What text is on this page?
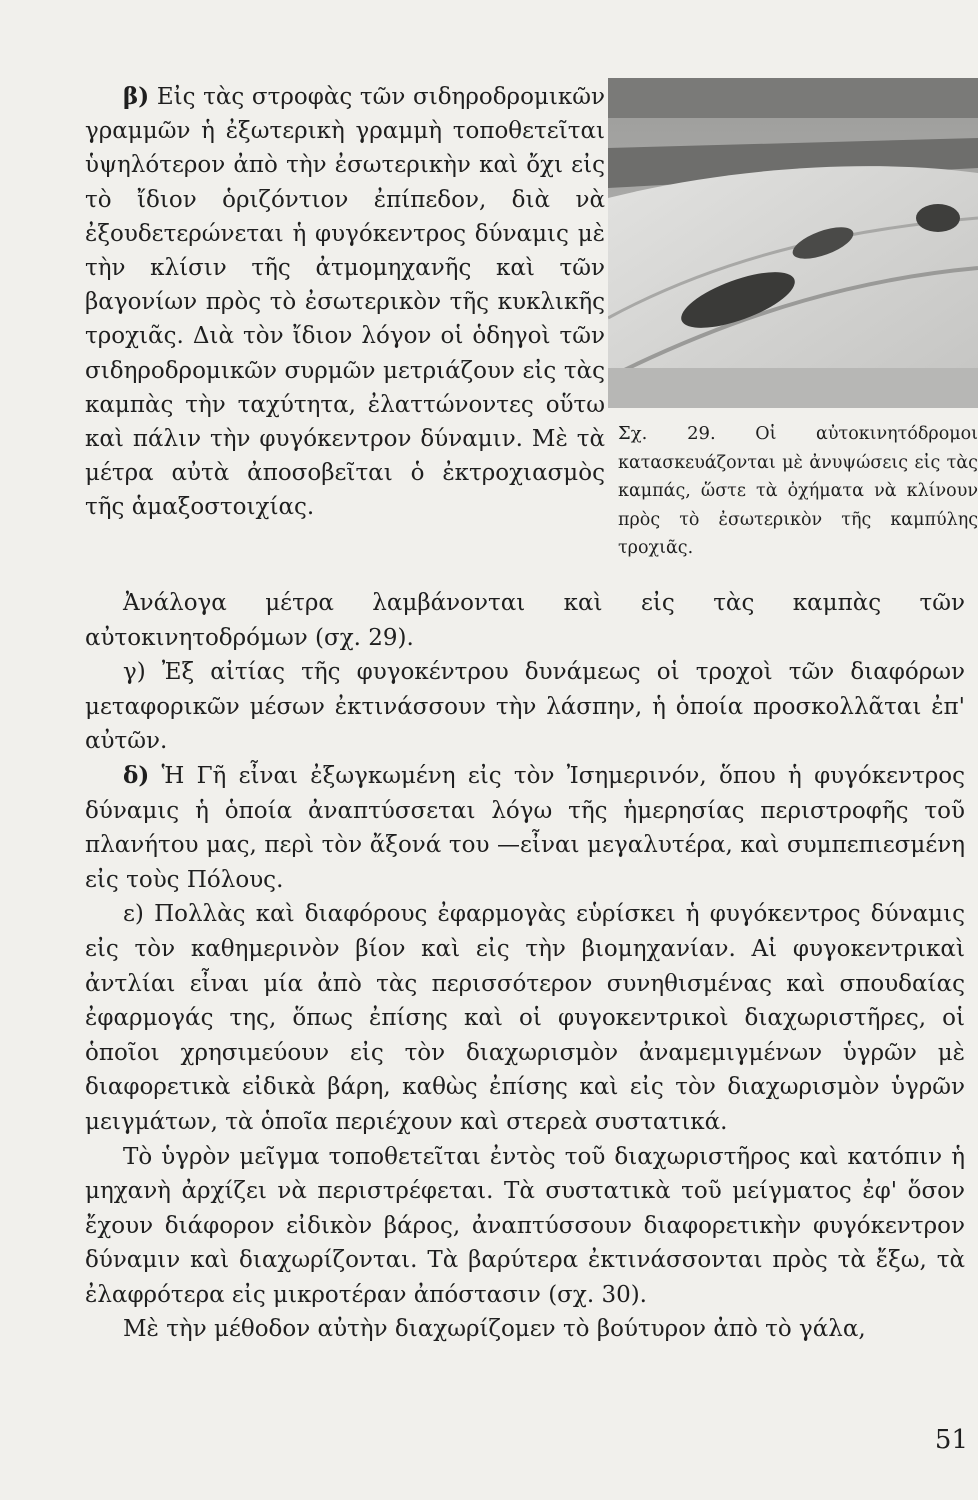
β) Εἰς τὰς στροφὰς τῶν σιδηροδρομικῶν γραμμῶν ἡ ἐξωτερικὴ γραμμὴ τοποθετεῖται ὑψηλότερον ἀπὸ τὴν ἐσωτερικὴν καὶ ὄχι εἰς τὸ ἴδιον ὁριζόντιον ἐπίπεδον, διὰ νὰ ἐξουδετερώνεται ἡ φυγόκεντρος δύναμις μὲ τὴν κλίσιν τῆς ἀτμομηχανῆς καὶ τῶν βαγονίων πρὸς τὸ ἐσωτερικὸν τῆς κυκλικῆς τροχιᾶς. Διὰ τὸν ἴδιον λόγον οἱ ὁδηγοὶ τῶν σιδηροδρομικῶν συρμῶν μετριάζουν εἰς τὰς καμπὰς τὴν ταχύτητα, ἐλαττώνοντες οὕτω καὶ πάλιν τὴν φυγόκεντρον δύναμιν. Μὲ τὰ μέτρα αὐτὰ ἀποσοβεῖται ὁ ἐκτροχιασμὸς τῆς ἁμαξοστοιχίας.

Σχ. 29. Οἱ αὐτοκινητόδρομοι κατασκευάζονται μὲ ἀνυψώσεις εἰς τὰς καμπάς, ὥστε τὰ ὀχήματα νὰ κλίνουν πρὸς τὸ ἐσωτερικὸν τῆς καμπύλης τροχιᾶς.

Ἀνάλογα μέτρα λαμβάνονται καὶ εἰς τὰς καμπὰς τῶν αὐτοκινητοδρόμων (σχ. 29).

γ) Ἐξ αἰτίας τῆς φυγοκέντρου δυνάμεως οἱ τροχοὶ τῶν διαφόρων μεταφορικῶν μέσων ἐκτινάσσουν τὴν λάσπην, ἡ ὁποία προσκολλᾶται ἐπ' αὐτῶν.

δ) Ἡ Γῆ εἶναι ἐξωγκωμένη εἰς τὸν Ἰσημερινόν, ὅπου ἡ φυγόκεντρος δύναμις ἡ ὁποία ἀναπτύσσεται λόγω τῆς ἡμερησίας περιστροφῆς τοῦ πλανήτου μας, περὶ τὸν ἄξονά του —εἶναι μεγαλυτέρα, καὶ συμπεπιεσμένη εἰς τοὺς Πόλους.

ε) Πολλὰς καὶ διαφόρους ἐφαρμογὰς εὑρίσκει ἡ φυγόκεντρος δύναμις εἰς τὸν καθημερινὸν βίον καὶ εἰς τὴν βιομηχανίαν. Αἱ φυγοκεντρικαὶ ἀντλίαι εἶναι μία ἀπὸ τὰς περισσότερον συνηθισμένας καὶ σπουδαίας ἐφαρμογάς της, ὅπως ἐπίσης καὶ οἱ φυγοκεντρικοὶ διαχωριστῆρες, οἱ ὁποῖοι χρησιμεύουν εἰς τὸν διαχωρισμὸν ἀναμεμιγμένων ὑγρῶν μὲ διαφορετικὰ εἰδικὰ βάρη, καθὼς ἐπίσης καὶ εἰς τὸν διαχωρισμὸν ὑγρῶν μειγμάτων, τὰ ὁποῖα περιέχουν καὶ στερεὰ συστατικά.

Τὸ ὑγρὸν μεῖγμα τοποθετεῖται ἐντὸς τοῦ διαχωριστῆρος καὶ κατόπιν ἡ μηχανὴ ἀρχίζει νὰ περιστρέφεται. Τὰ συστατικὰ τοῦ μείγματος ἐφ' ὅσον ἔχουν διάφορον εἰδικὸν βάρος, ἀναπτύσσουν διαφορετικὴν φυγόκεντρον δύναμιν καὶ διαχωρίζονται. Τὰ βαρύτερα ἐκτινάσσονται πρὸς τὰ ἔξω, τὰ ἐλαφρότερα εἰς μικροτέραν ἀπόστασιν (σχ. 30).

Μὲ τὴν μέθοδον αὐτὴν διαχωρίζομεν τὸ βούτυρον ἀπὸ τὸ γάλα,

51
